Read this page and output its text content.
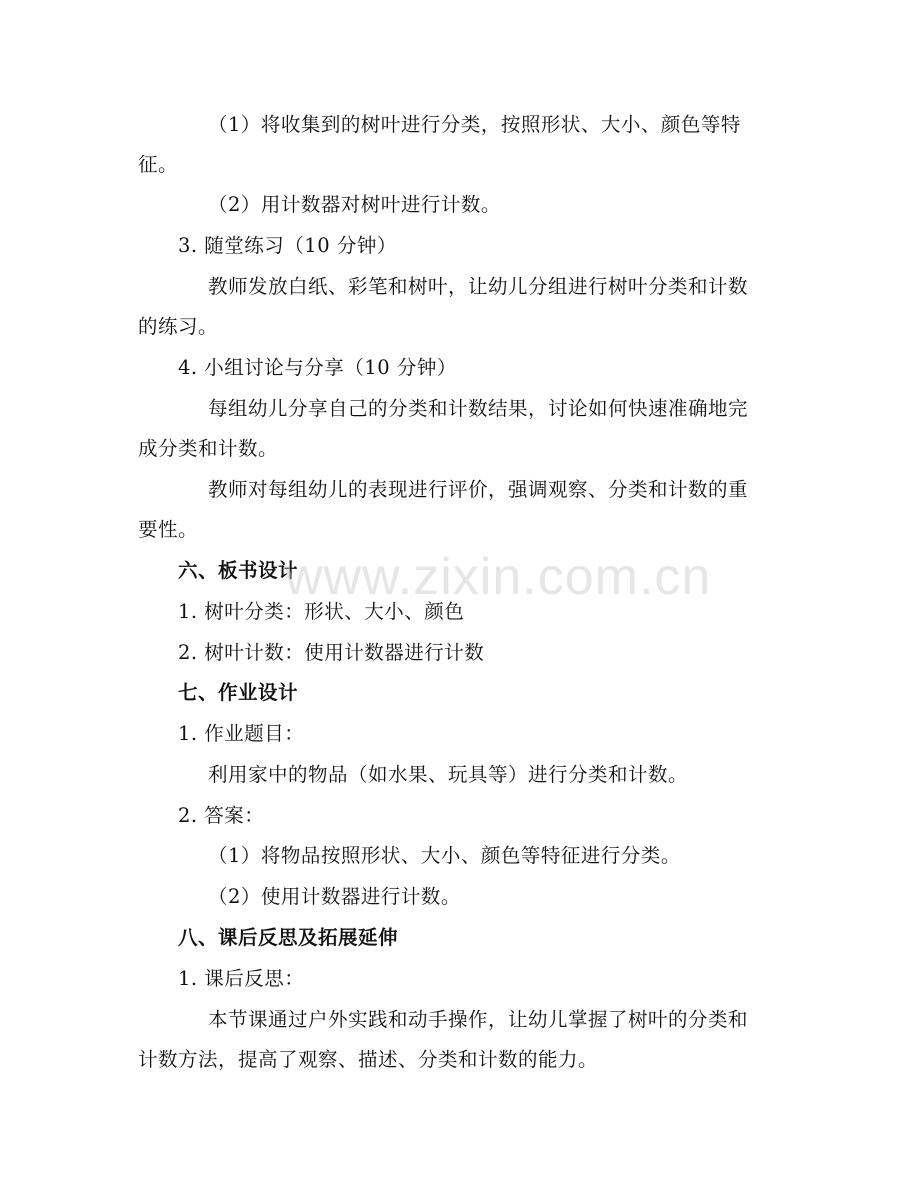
（1）将收集到的树叶进行分类，按照形状、大小、颜色等特
征。
（2）用计数器对树叶进行计数。
3. 随堂练习（10 分钟）
教师发放白纸、彩笔和树叶，让幼儿分组进行树叶分类和计数
的练习。
4. 小组讨论与分享（10 分钟）
每组幼儿分享自己的分类和计数结果，讨论如何快速准确地完
成分类和计数。
教师对每组幼儿的表现进行评价，强调观察、分类和计数的重
要性。
六、板书设计
1. 树叶分类：形状、大小、颜色
2. 树叶计数：使用计数器进行计数
七、作业设计
1. 作业题目：
利用家中的物品（如水果、玩具等）进行分类和计数。
2. 答案：
（1）将物品按照形状、大小、颜色等特征进行分类。
（2）使用计数器进行计数。
八、课后反思及拓展延伸
1. 课后反思：
本节课通过户外实践和动手操作，让幼儿掌握了树叶的分类和
计数方法，提高了观察、描述、分类和计数的能力。
www.zixin.com.cn
